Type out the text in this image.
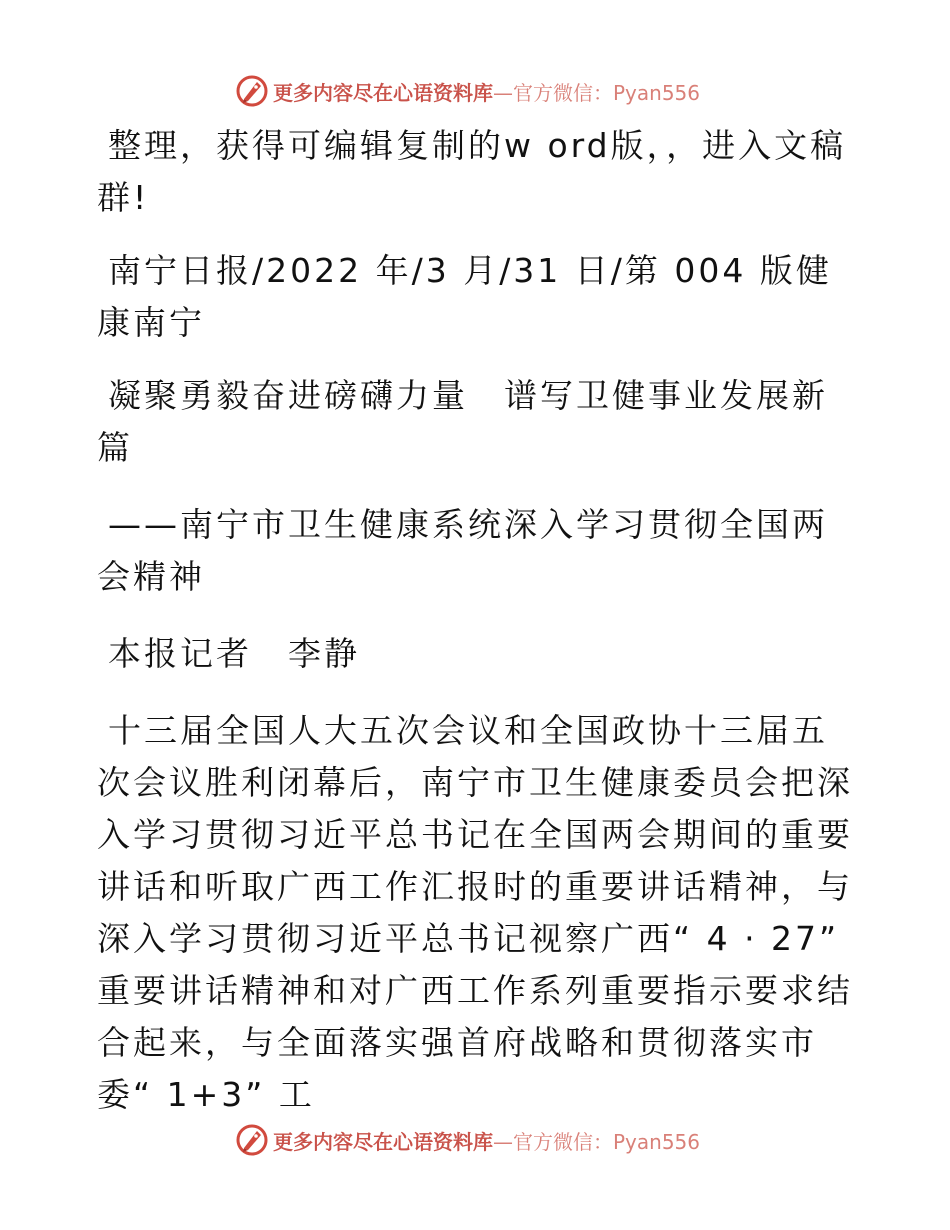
更多内容尽在心语资料库—官方微信：Pyan556

整理，获得可编辑复制的w ord版，，进入文稿群!

南宁日报/2022 年/3 月/31 日/第 004 版健康南宁

凝聚勇毅奋进磅礴力量　谱写卫健事业发展新篇

——南宁市卫生健康系统深入学习贯彻全国两会精神

本报记者　李静

十三届全国人大五次会议和全国政协十三届五次会议胜利闭幕后，南宁市卫生健康委员会把深入学习贯彻习近平总书记在全国两会期间的重要讲话和听取广西工作汇报时的重要讲话精神，与深入学习贯彻习近平总书记视察广西“ 4 · 27” 重要讲话精神和对广西工作系列重要指示要求结合起来，与全面落实强首府战略和贯彻落实市委“ 1+3” 工

更多内容尽在心语资料库—官方微信：Pyan556
